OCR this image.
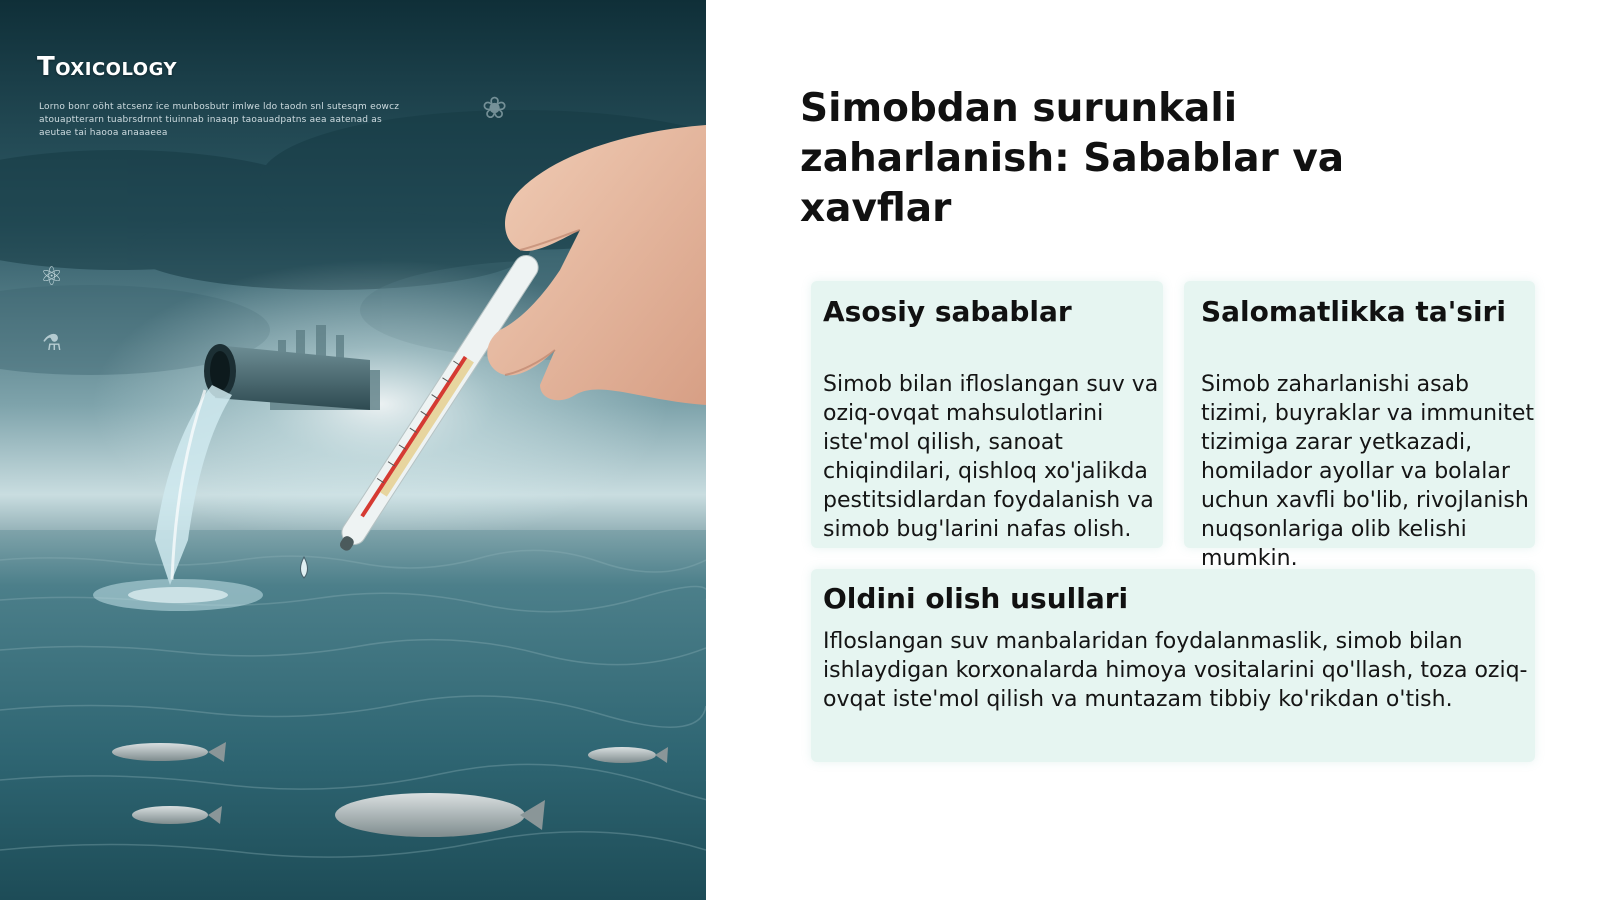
⚛
⚗
❀
Toxicology
Lorno bonr oöht atcsenz ice munbosbutr imlwe ldo taodn snl sutesqm eowcz atouaptterarn tuabrsdrnnt tiuinnab inaaqp taoauadpatns aea aatenad as aeutae tai haooa anaaaeea
Simobdan surunkali zaharlanish: Sabablar va xavflar
Asosiy sabablar

Simob bilan ifloslangan suv va oziq-ovqat mahsulotlarini iste'mol qilish, sanoat chiqindilari, qishloq xo'jalikda pestitsidlardan foydalanish va simob bug'larini nafas olish.

Salomatlikka ta'siri

Simob zaharlanishi asab tizimi, buyraklar va immunitet tizimiga zarar yetkazadi, homilador ayollar va bolalar uchun xavfli bo'lib, rivojlanish nuqsonlariga olib kelishi mumkin.

Oldini olish usullari

Ifloslangan suv manbalaridan foydalanmaslik, simob bilan ishlaydigan korxonalarda himoya vositalarini qo'llash, toza oziq-ovqat iste'mol qilish va muntazam tibbiy ko'rikdan o'tish.
